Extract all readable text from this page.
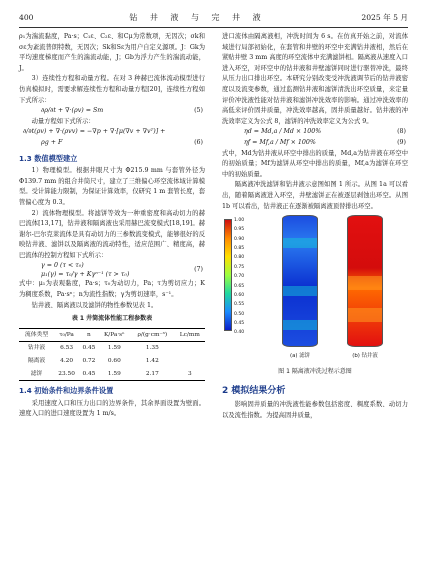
400	钻 井 液 与 完 井 液	2025 年 5 月

ρ₁为湍流黏度，Pa·s；C₁ε、C₂ε、和Cμ为常数项，无因次；σk和σε为紊流普朗特数，无因次；Sk和Sε为用户自定义源项。J：Gk为平均速度梯度而产生的湍流动能，J；Gb为浮力产生的湍流动能，J。

3）连续性方程和动量方程。在对 3 种赫巴流体流动模型进行仿真模拟时，需要求解连续性方程和动量方程[20]，连续性方程如下式所示：

∂ρ/∂t + ∇·(ρv) = Sm	(5)

动量方程如下式所示：

∂/∂t(ρv) + ∇·(ρvv) = −∇p + ∇·[μ(∇v + ∇vᵀ)] +
ρg + F	(6)
1.3 数值模型建立

1）物理模型。根据井眼尺寸为 Φ215.9 mm 与套管外径为 Φ139.7 mm 的组合井筒尺寸，建立了三维偏心环空流体域计算模型。受计算能力限制，为保证计算效率，仅研究 1 m 套管长度，套管偏心度为 0.3。

2）流体物理模型。将滤饼等效为一种重密度和高动切力的赫巴流体[13,17]，钻井液和隔离液也采用赫巴流变模式[18,19]。赫谢尔-巴尔克莱流体是具有动切力的三参数流变模式，能够很好的反映钻井液、滤饼以及隔离液的流动特性，适应范围广、精度高，赫巴流体的控制方程如下式所示：

γ = 0 (τ < τ₀)
μ₁(γ) = τ₀/γ + Kγⁿ⁻¹ (τ > τ₀)
(7)

式中：μ₁为表观黏度，Pa·s；τ₀为动切力，Pa；τ为剪切应力；K为稠度系数，Pa·sⁿ；n为流性指数；γ为剪切速率，s⁻¹。

钻井液、隔离液以及滤饼的物性参数见表 1。

表 1 井筒流体性能工程参数表
流体类型	τ₀/Pa	n	K/Pa·sⁿ	ρ/(g·cm⁻³)	Lc/mm
钻井液	6.53	0.45	1.59	1.35	
隔离液	4.20	0.72	0.60	1.42	
滤饼	23.50	0.45	1.59	2.17	3
1.4 初始条件和边界条件设置

采用速度入口和压力出口的边界条件，其余界面设置为壁面。速度入口的进口速度设置为 1 m/s。

进口流体由隔离液相，冲洗时间为 6 s。在仿真开始之前，对流体域进行局部初始化，在套管和井壁的环空中充满钻井液相，然后在紧贴井壁 3 mm 高度的环空流体中充满滤饼相。隔离液从速度入口进入环空，对环空中的钻井液和井壁滤饼同时进行驱替冲洗，最终从压力出口排出环空。本研究分别改变受冲洗液调节后的钻井液密度以及流变参数，通过监测钻井液和滤饼清洗出环空质量，来定量评价冲洗液性能对钻井液和滤饼冲洗效率的影响。通过冲洗效率的高低来评价固井质量，冲洗效率越高，固井质量越好。钻井液的冲洗效率定义为公式 8，滤饼的冲洗效率定义为公式 9。

ηd = Md,a / Md × 100%	(8)
ηf = Mf,a / Mf × 100%	(9)

式中，Md为钻井液从环空中排出的质量，Md,a为钻井液在环空中的初始质量；Mf为滤饼从环空中排出的质量，Mf,a为滤饼在环空中的初始质量。

隔离液冲洗滤饼和钻井液示意图如图 1 所示。从图 1a 可以看出，随着隔离液进入环空，井壁滤饼正在被逐层剥蚀出环空。从图 1b 可以看出，钻井液正在逐渐被隔离液顶替排出环空。

1.00
0.95
0.90
0.85
0.80
0.75
0.70
0.65
0.60
0.55
0.50
0.45
0.40
(a) 滤饼	(b) 钻井液
图 1 隔离液冲洗过程示意图
2 模拟结果分析

影响固井质量的冲洗液性能参数包括密度、稠度系数、动切力以及流性指数。为提高固井质量，
